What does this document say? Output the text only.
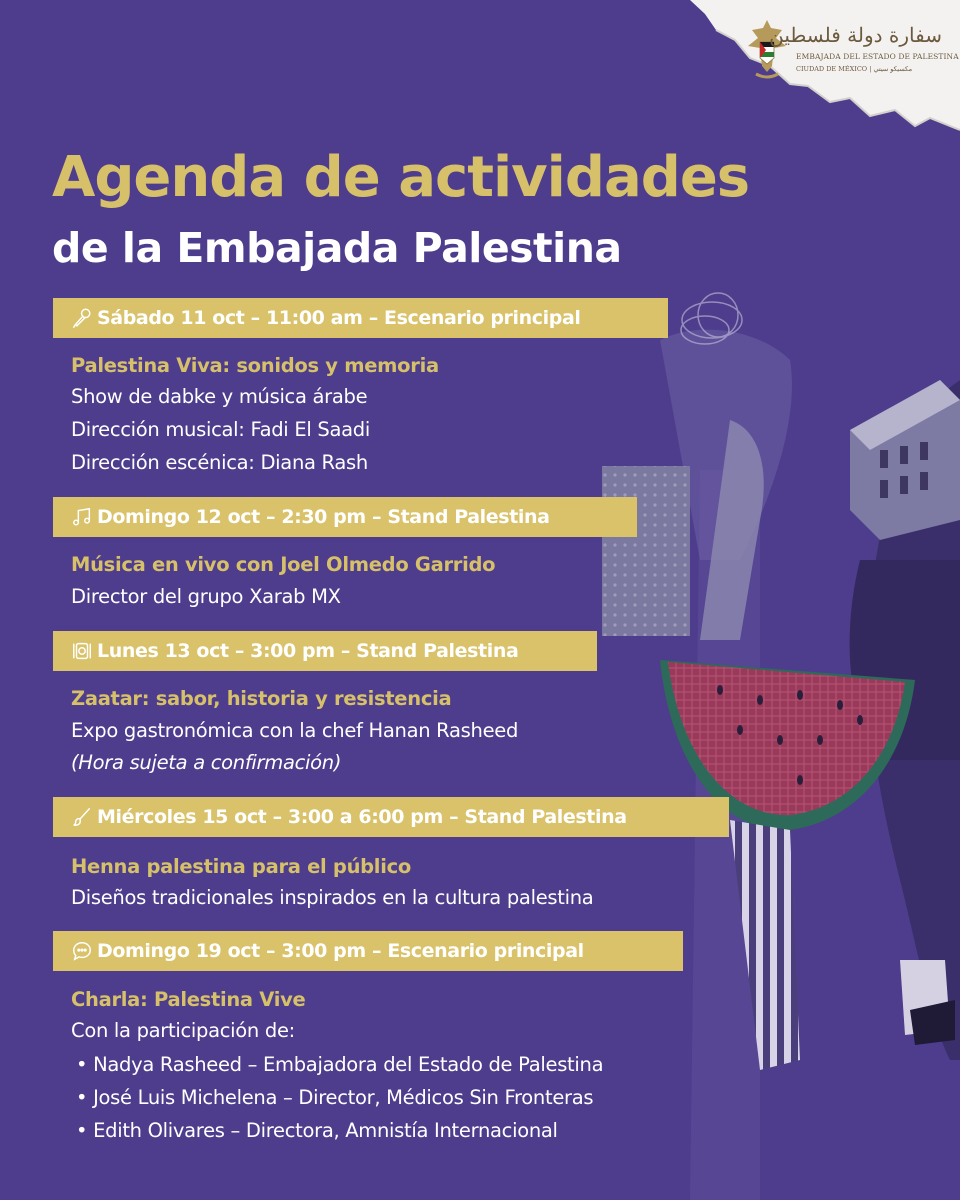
سفارة دولة فلسطين
EMBAJADA DEL ESTADO DE PALESTINA
CIUDAD DE MÉXICO | مكسيكو سيتي
Agenda de actividades
de la Embajada Palestina
Sábado 11 oct – 11:00 am – Escenario principal
Palestina Viva: sonidos y memoria
Show de dabke y música árabe
Dirección musical: Fadi El Saadi
Dirección escénica: Diana Rash
Domingo 12 oct – 2:30 pm – Stand Palestina
Música en vivo con Joel Olmedo Garrido
Director del grupo Xarab MX
Lunes 13 oct – 3:00 pm – Stand Palestina
Zaatar: sabor, historia y resistencia
Expo gastronómica con la chef Hanan Rasheed
(Hora sujeta a confirmación)
Miércoles 15 oct – 3:00 a 6:00 pm – Stand Palestina
Henna palestina para el público
Diseños tradicionales inspirados en la cultura palestina
Domingo 19 oct – 3:00 pm – Escenario principal
Charla: Palestina Vive
Con la participación de:
• Nadya Rasheed – Embajadora del Estado de Palestina
• José Luis Michelena – Director, Médicos Sin Fronteras
• Edith Olivares – Directora, Amnistía Internacional
